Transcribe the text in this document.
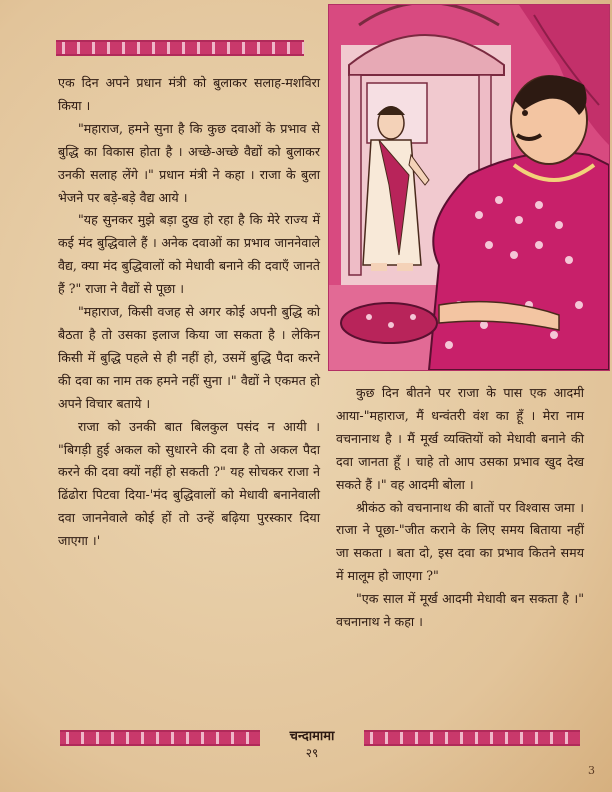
एक दिन अपने प्रधान मंत्री को बुलाकर सलाह-मशविरा किया ।

"महाराज, हमने सुना है कि कुछ दवाओं के प्रभाव से बुद्धि का विकास होता है । अच्छे-अच्छे वैद्यों को बुलाकर उनकी सलाह लेंगे ।" प्रधान मंत्री ने कहा । राजा के बुला भेजने पर बड़े-बड़े वैद्य आये ।

"यह सुनकर मुझे बड़ा दुख हो रहा है कि मेरे राज्य में कई मंद बुद्धिवाले हैं । अनेक दवाओं का प्रभाव जाननेवाले वैद्य, क्या मंद बुद्धिवालों को मेधावी बनाने की दवाएँ जानते हैं ?" राजा ने वैद्यों से पूछा ।

"महाराज, किसी वजह से अगर कोई अपनी बुद्धि को बैठता है तो उसका इलाज किया जा सकता है । लेकिन किसी में बुद्धि पहले से ही नहीं हो, उसमें बुद्धि पैदा करने की दवा का नाम तक हमने नहीं सुना ।" वैद्यों ने एकमत हो अपने विचार बताये ।

राजा को उनकी बात बिलकुल पसंद न आयी । "बिगड़ी हुई अकल को सुधारने की दवा है तो अकल पैदा करने की दवा क्यों नहीं हो सकती ?" यह सोचकर राजा ने ढिंढोरा पिटवा दिया-'मंद बुद्धिवालों को मेधावी बनानेवाली दवा जाननेवाले कोई हों तो उन्हें बढ़िया पुरस्कार दिया जाएगा ।'

कुछ दिन बीतने पर राजा के पास एक आदमी आया-"महाराज, मैं धन्वंतरी वंश का हूँ । मेरा नाम वचनानाथ है । मैं मूर्ख व्यक्तियों को मेधावी बनाने की दवा जानता हूँ । चाहे तो आप उसका प्रभाव खुद देख सकते हैं ।" वह आदमी बोला ।

श्रीकंठ को वचनानाथ की बातों पर विश्वास जमा । राजा ने पूछा-"जीत कराने के लिए समय बिताया नहीं जा सकता । बता दो, इस दवा का प्रभाव कितने समय में मालूम हो जाएगा ?"

"एक साल में मूर्ख आदमी मेधावी बन सकता है ।" वचनानाथ ने कहा ।

चन्दामामा
२९
3
